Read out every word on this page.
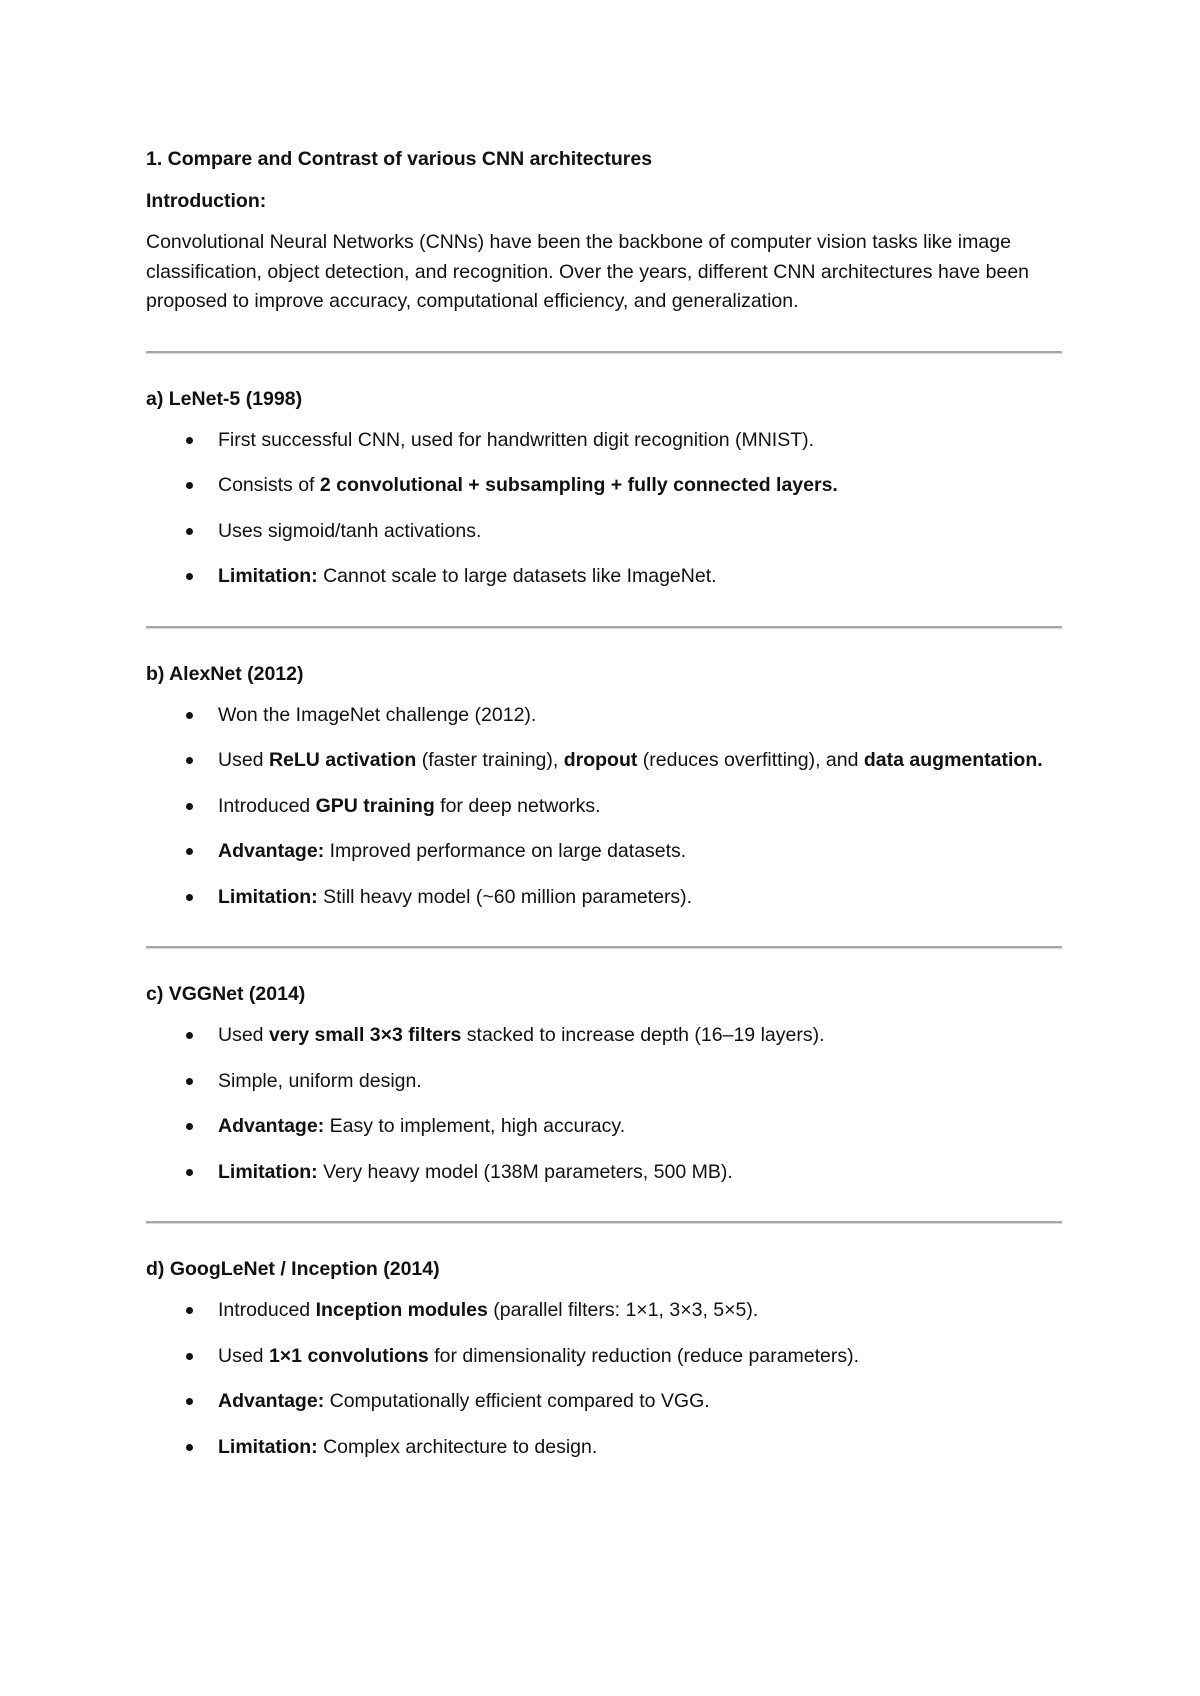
1. Compare and Contrast of various CNN architectures
Introduction:

Convolutional Neural Networks (CNNs) have been the backbone of computer vision tasks like image classification, object detection, and recognition. Over the years, different CNN architectures have been proposed to improve accuracy, computational efficiency, and generalization.

a) LeNet-5 (1998)
First successful CNN, used for handwritten digit recognition (MNIST).
Consists of 2 convolutional + subsampling + fully connected layers.
Uses sigmoid/tanh activations.
Limitation: Cannot scale to large datasets like ImageNet.
b) AlexNet (2012)
Won the ImageNet challenge (2012).
Used ReLU activation (faster training), dropout (reduces overfitting), and data augmentation.
Introduced GPU training for deep networks.
Advantage: Improved performance on large datasets.
Limitation: Still heavy model (~60 million parameters).
c) VGGNet (2014)
Used very small 3×3 filters stacked to increase depth (16–19 layers).
Simple, uniform design.
Advantage: Easy to implement, high accuracy.
Limitation: Very heavy model (138M parameters, 500 MB).
d) GoogLeNet / Inception (2014)
Introduced Inception modules (parallel filters: 1×1, 3×3, 5×5).
Used 1×1 convolutions for dimensionality reduction (reduce parameters).
Advantage: Computationally efficient compared to VGG.
Limitation: Complex architecture to design.
